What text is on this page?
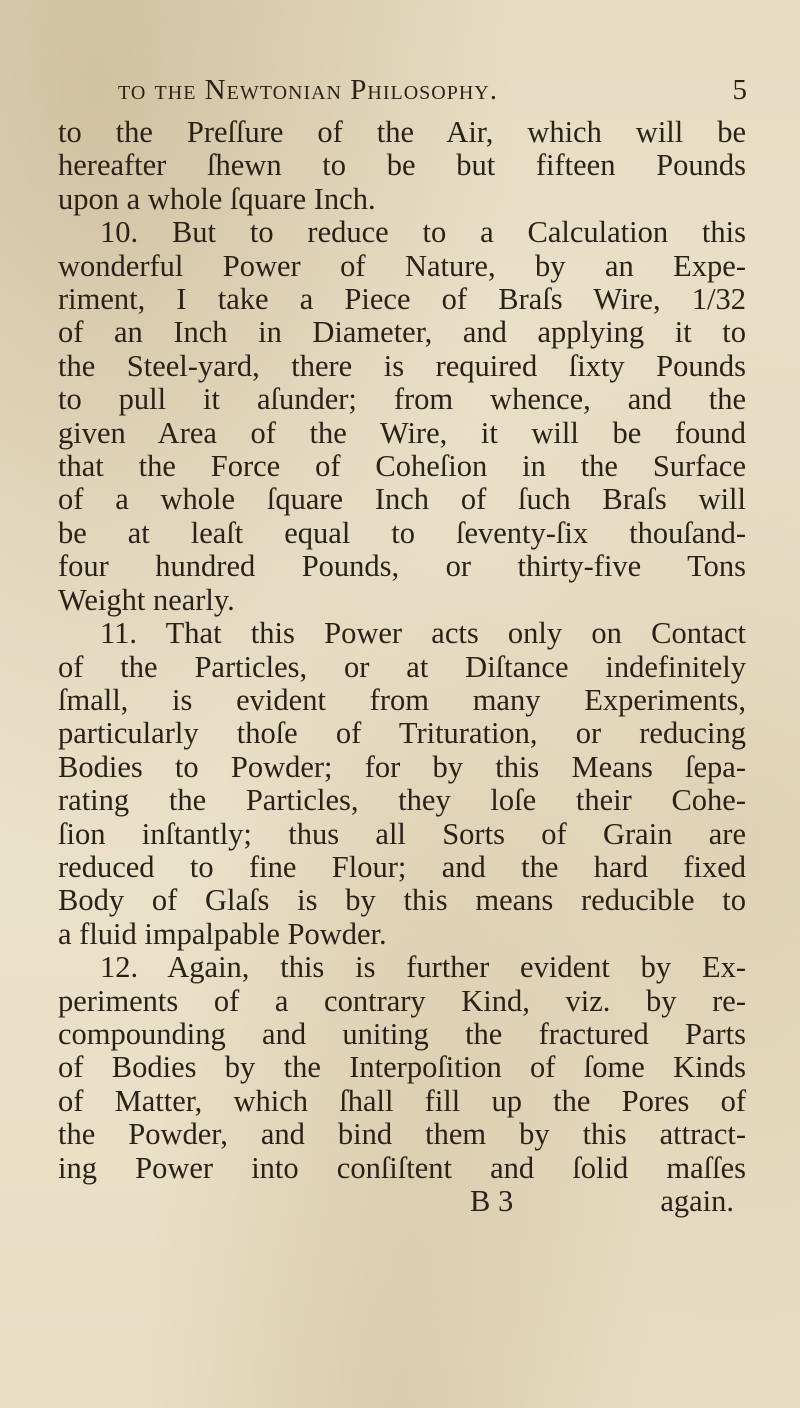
to the Newtonian Philosophy.	5
to the Preſſure of the Air, which will be
hereafter ſhewn to be but fifteen Pounds
upon a whole ſquare Inch.
10. But to reduce to a Calculation this
wonderful Power of Nature, by an Expe-
riment, I take a Piece of Braſs Wire, 1/32
of an Inch in Diameter, and applying it to
the Steel-yard, there is required ſixty Pounds
to pull it aſunder; from whence, and the
given Area of the Wire, it will be found
that the Force of Coheſion in the Surface
of a whole ſquare Inch of ſuch Braſs will
be at leaſt equal to ſeventy-ſix thouſand-
four hundred Pounds, or thirty-five Tons
Weight nearly.
11. That this Power acts only on Contact
of the Particles, or at Diſtance indefinitely
ſmall, is evident from many Experiments,
particularly thoſe of Trituration, or reducing
Bodies to Powder; for by this Means ſepa-
rating the Particles, they loſe their Cohe-
ſion inſtantly; thus all Sorts of Grain are
reduced to fine Flour; and the hard fixed
Body of Glaſs is by this means reducible to
a fluid impalpable Powder.
12. Again, this is further evident by Ex-
periments of a contrary Kind, viz. by re-
compounding and uniting the fractured Parts
of Bodies by the Interpoſition of ſome Kinds
of Matter, which ſhall fill up the Pores of
the Powder, and bind them by this attract-
ing Power into conſiſtent and ſolid maſſes
B 3	again.
